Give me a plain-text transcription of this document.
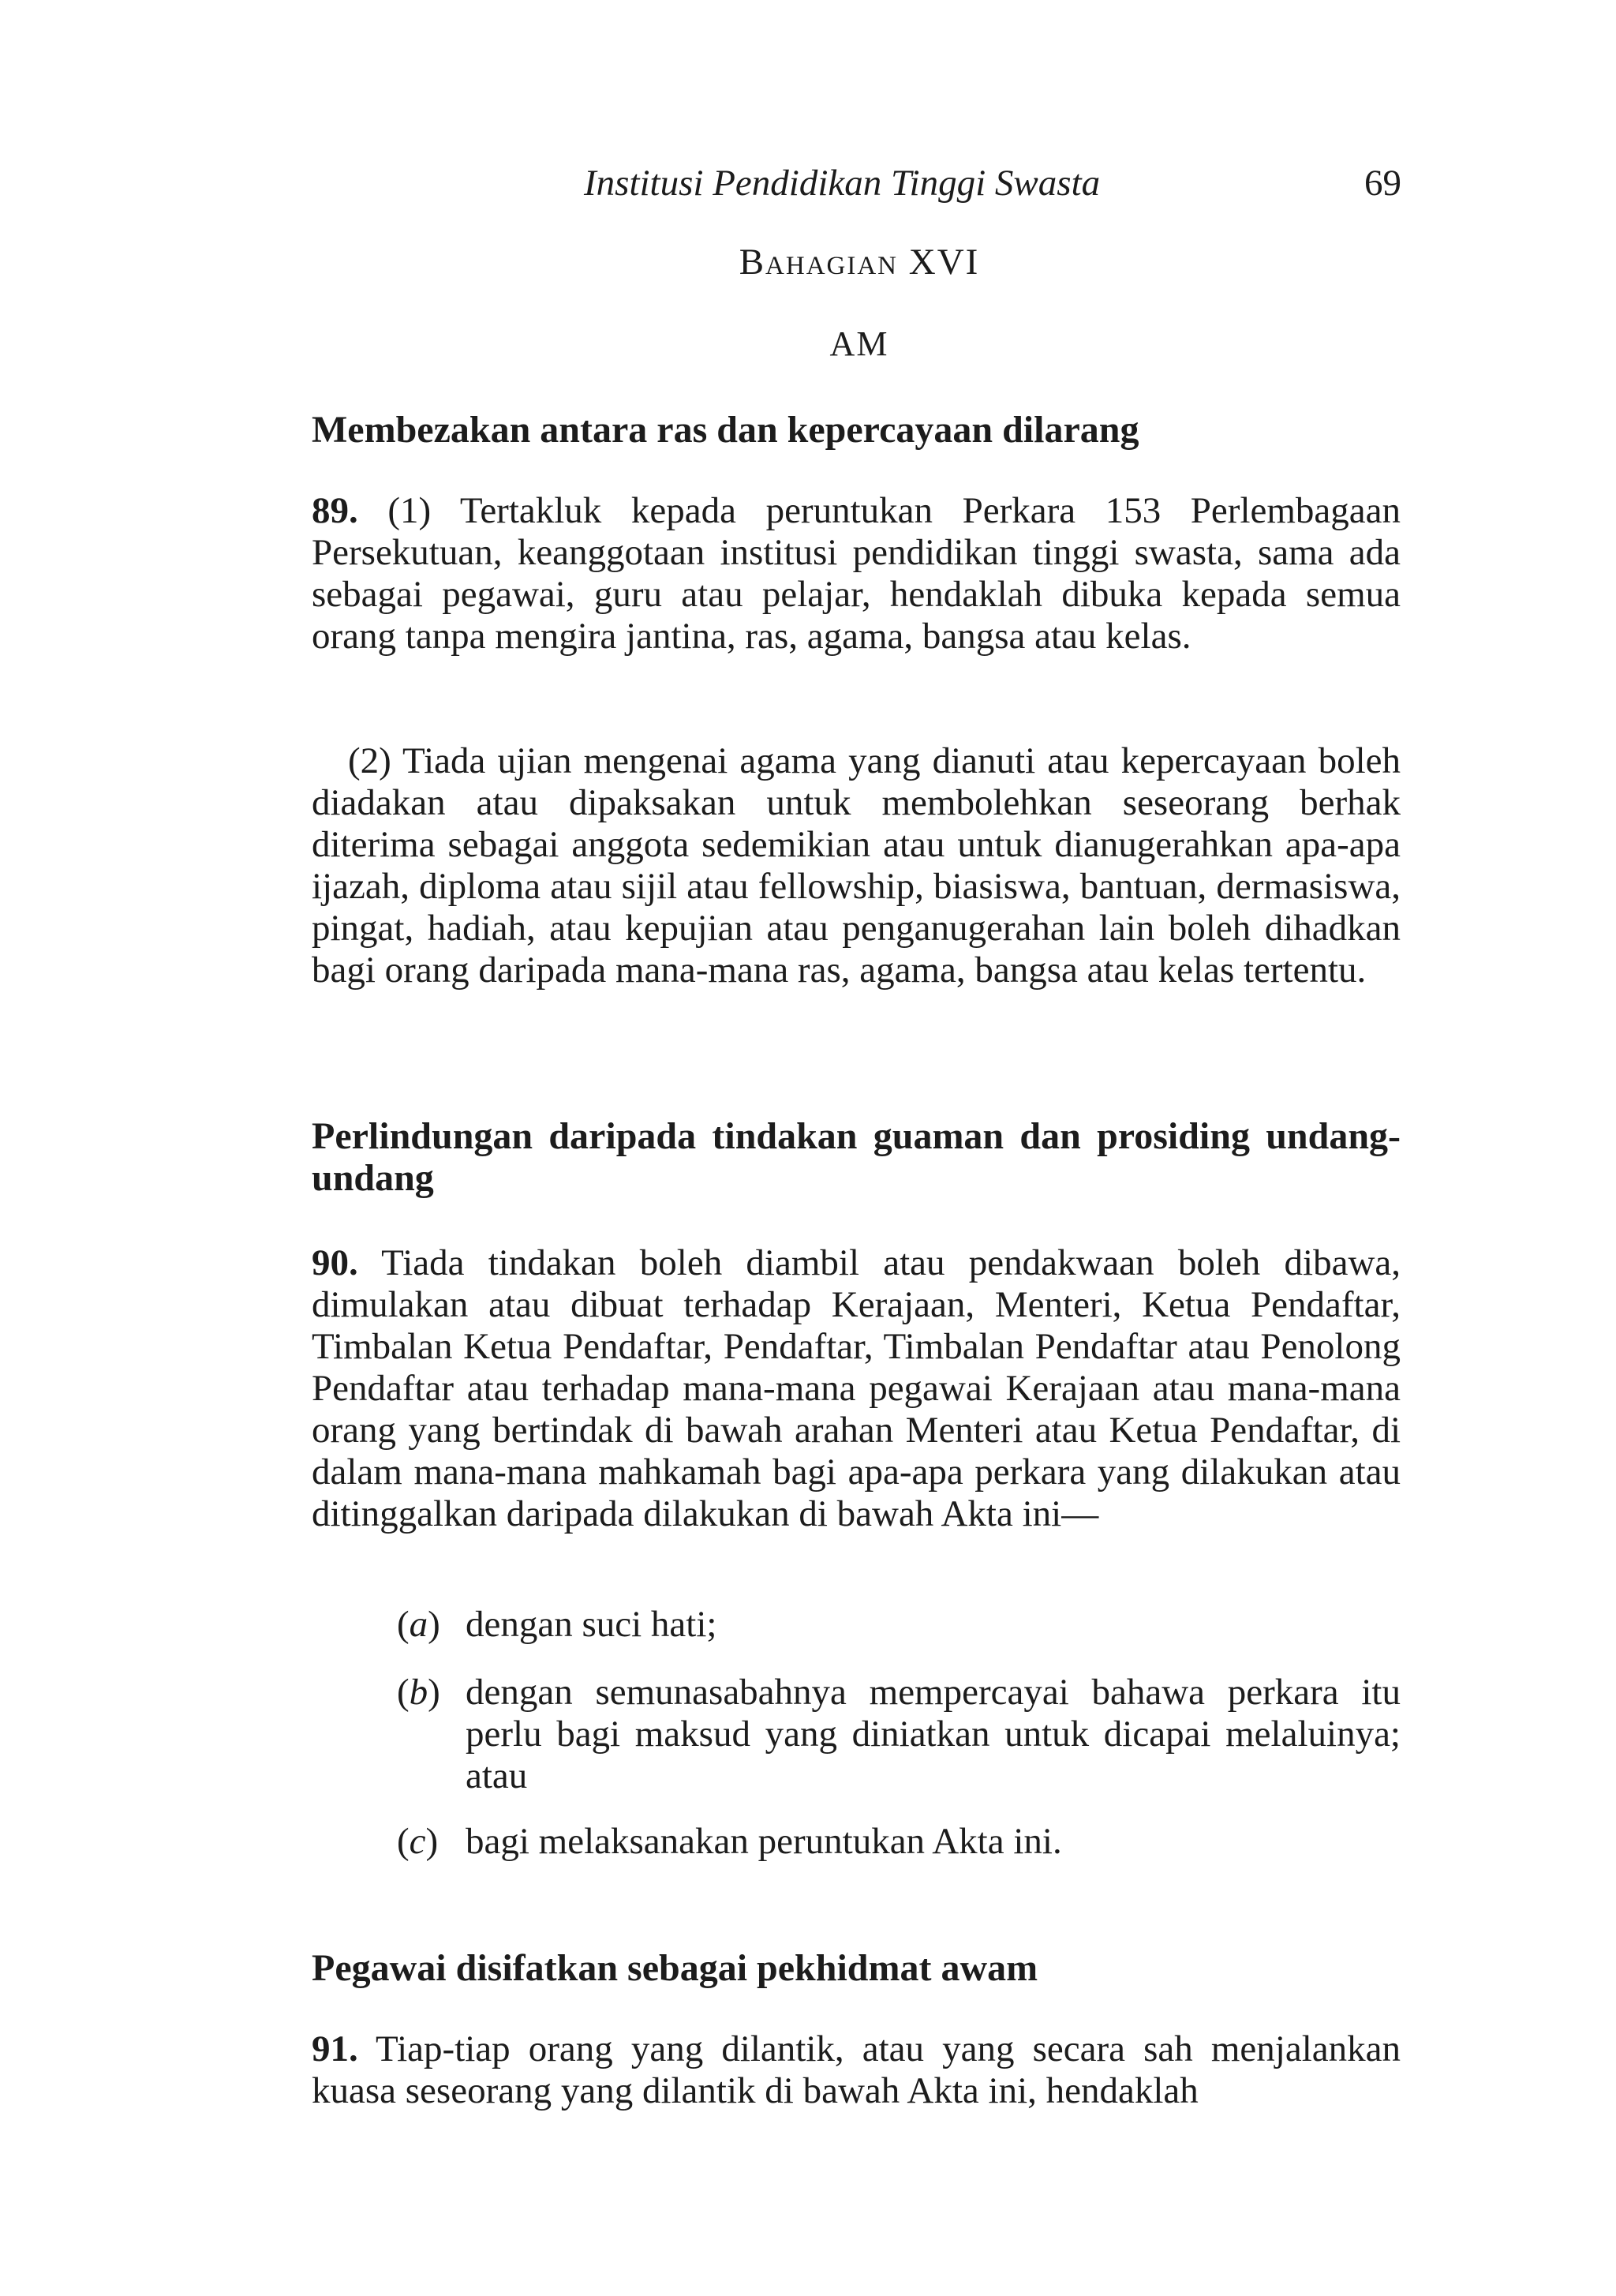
Institusi Pendidikan Tinggi Swasta	69
Bahagian XVI
AM
Membezakan antara ras dan kepercayaan dilarang
89. (1) Tertakluk kepada peruntukan Perkara 153 Perlembagaan Persekutuan, keanggotaan institusi pendidikan tinggi swasta, sama ada sebagai pegawai, guru atau pelajar, hendaklah dibuka kepada semua orang tanpa mengira jantina, ras, agama, bangsa atau kelas.
(2) Tiada ujian mengenai agama yang dianuti atau kepercayaan boleh diadakan atau dipaksakan untuk membolehkan seseorang berhak diterima sebagai anggota sedemikian atau untuk dianugerahkan apa-apa ijazah, diploma atau sijil atau fellowship, biasiswa, bantuan, dermasiswa, pingat, hadiah, atau kepujian atau penganugerahan lain boleh dihadkan bagi orang daripada mana-mana ras, agama, bangsa atau kelas tertentu.
Perlindungan daripada tindakan guaman dan prosiding undang-undang
90. Tiada tindakan boleh diambil atau pendakwaan boleh dibawa, dimulakan atau dibuat terhadap Kerajaan, Menteri, Ketua Pendaftar, Timbalan Ketua Pendaftar, Pendaftar, Timbalan Pendaftar atau Penolong Pendaftar atau terhadap mana-mana pegawai Kerajaan atau mana-mana orang yang bertindak di bawah arahan Menteri atau Ketua Pendaftar, di dalam mana-mana mahkamah bagi apa-apa perkara yang dilakukan atau ditinggalkan daripada dilakukan di bawah Akta ini—
(a) dengan suci hati;
(b) dengan semunasabahnya mempercayai bahawa perkara itu perlu bagi maksud yang diniatkan untuk dicapai melaluinya; atau
(c) bagi melaksanakan peruntukan Akta ini.
Pegawai disifatkan sebagai pekhidmat awam
91. Tiap-tiap orang yang dilantik, atau yang secara sah menjalankan kuasa seseorang yang dilantik di bawah Akta ini, hendaklah
